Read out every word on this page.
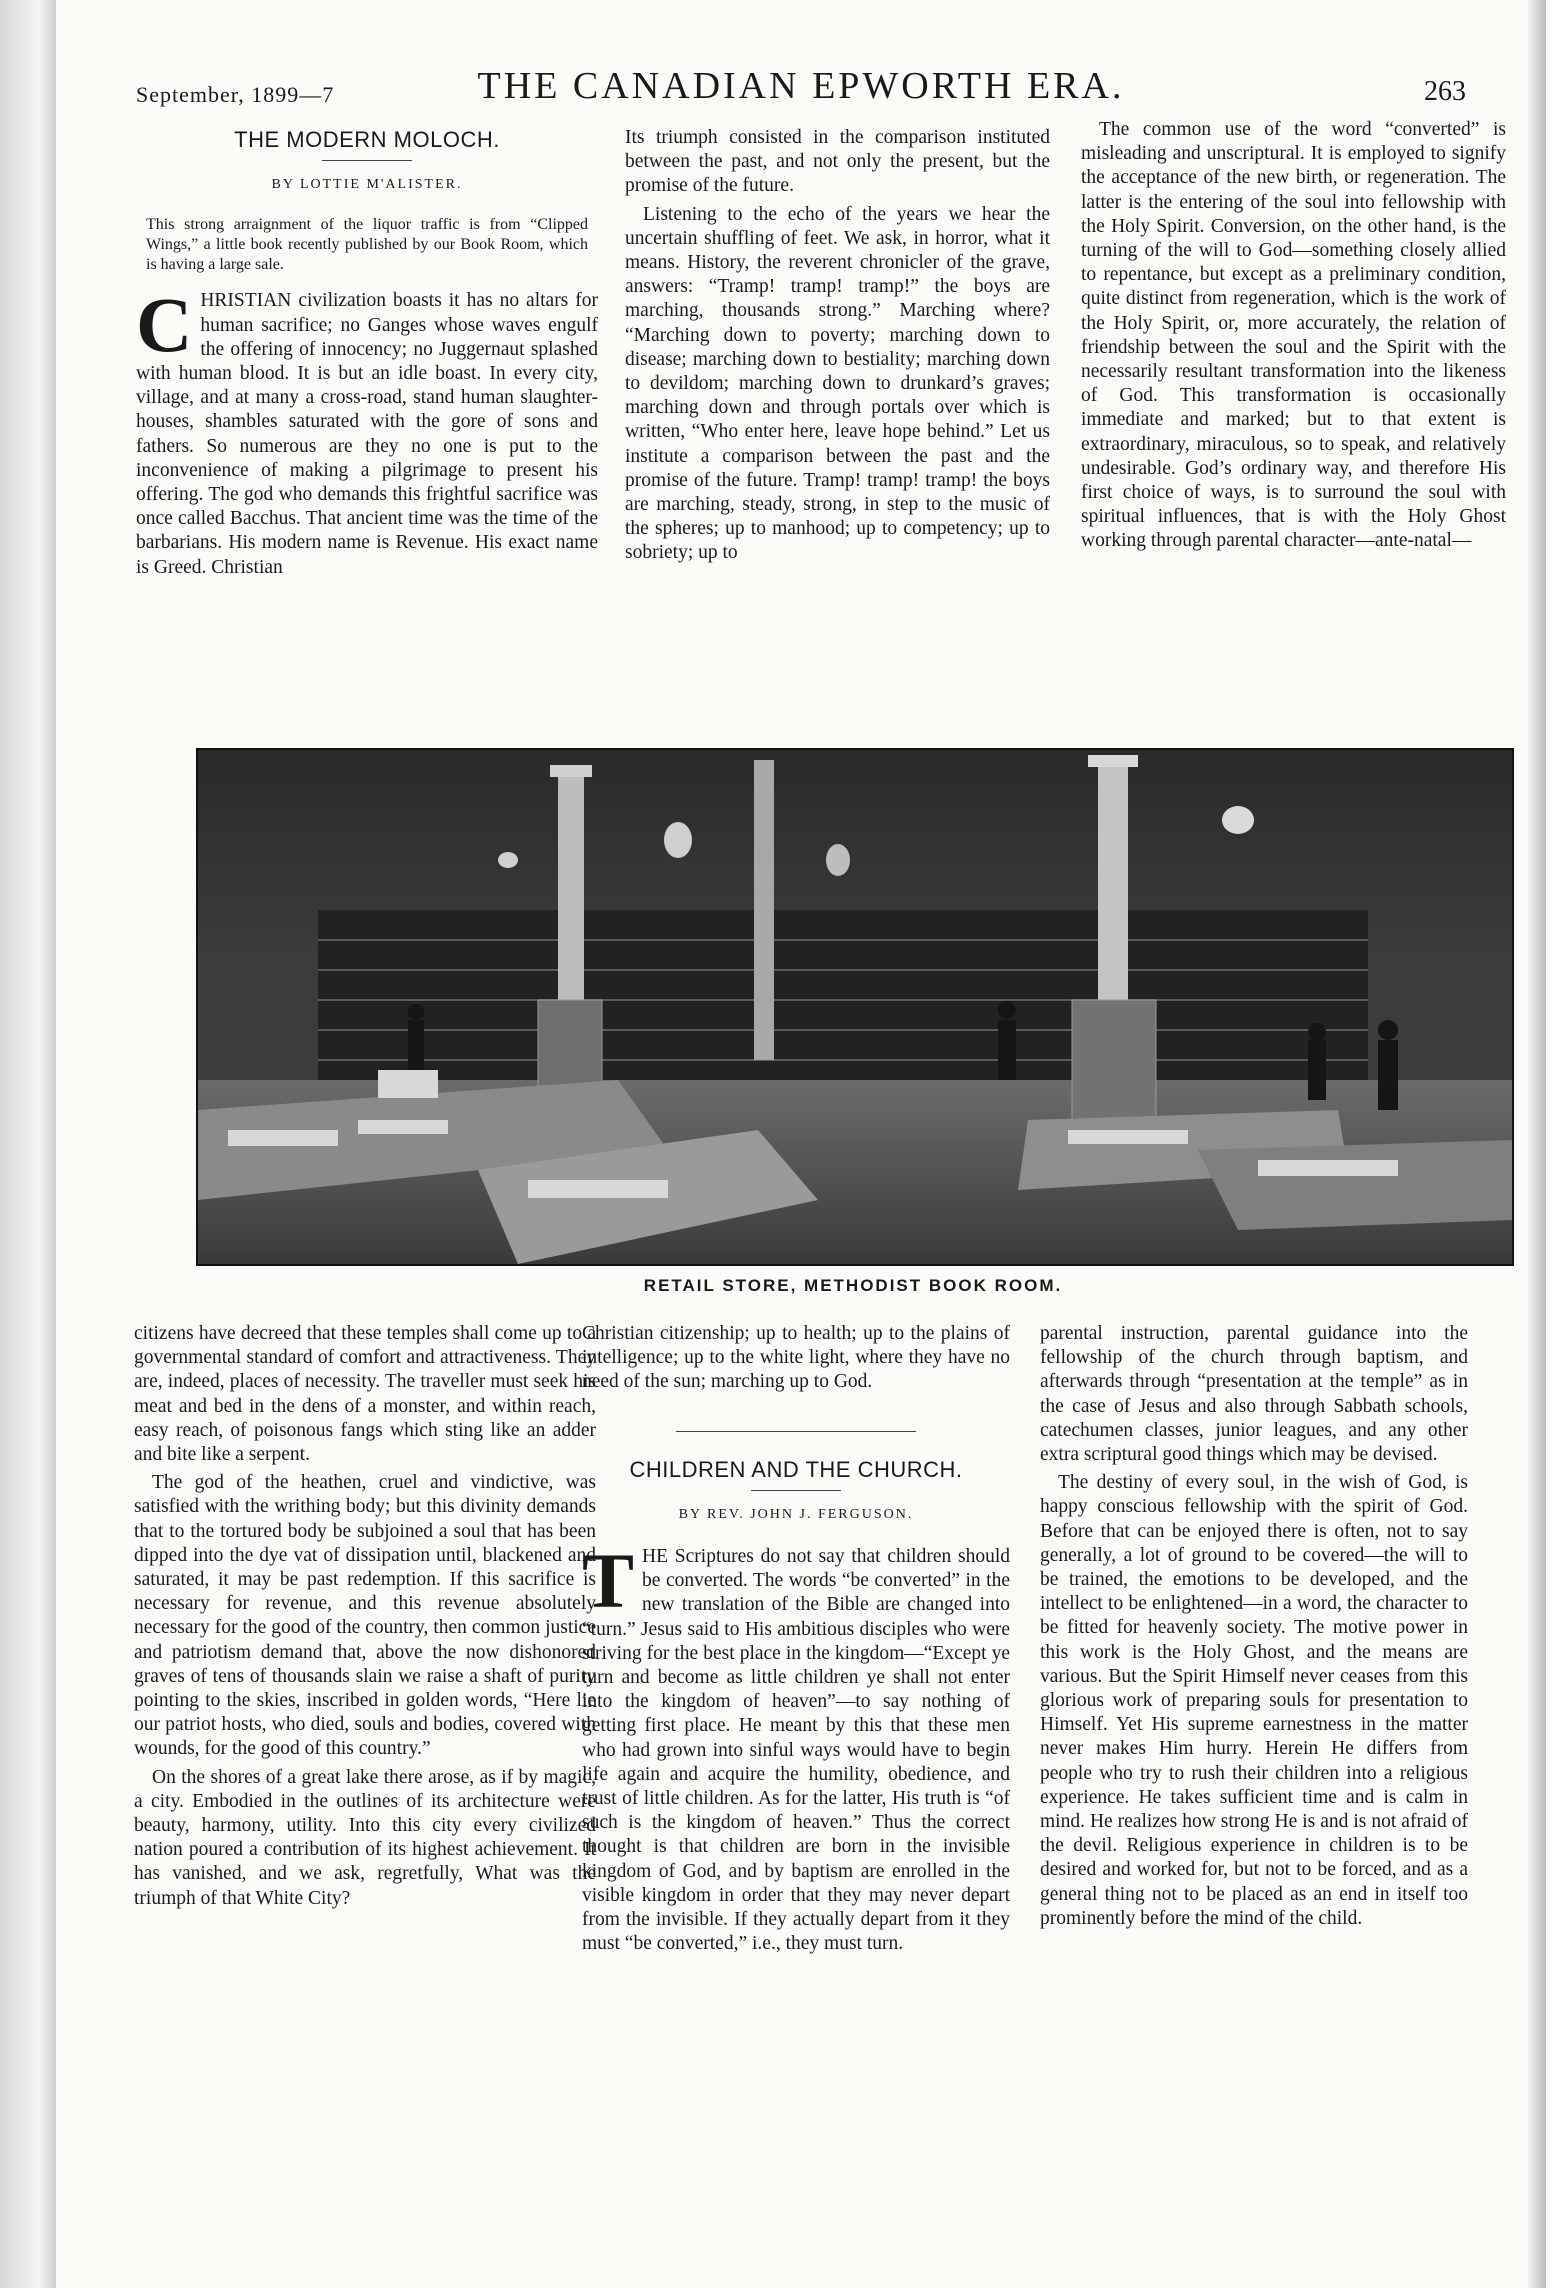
September, 1899—7	THE CANADIAN EPWORTH ERA.	263
THE MODERN MOLOCH.
BY LOTTIE M'ALISTER.
This strong arraignment of the liquor traffic is from “Clipped Wings,” a little book recently published by our Book Room, which is having a large sale.

CHRISTIAN civilization boasts it has no altars for human sacrifice; no Ganges whose waves engulf the offering of innocency; no Juggernaut splashed with human blood. It is but an idle boast. In every city, village, and at many a cross-road, stand human slaughter-houses, shambles saturated with the gore of sons and fathers. So numerous are they no one is put to the inconvenience of making a pilgrimage to present his offering. The god who demands this frightful sacrifice was once called Bacchus. That ancient time was the time of the barbarians. His modern name is Revenue. His exact name is Greed. Christian

Its triumph consisted in the comparison instituted between the past, and not only the present, but the promise of the future.

Listening to the echo of the years we hear the uncertain shuffling of feet. We ask, in horror, what it means. History, the reverent chronicler of the grave, answers: “Tramp! tramp! tramp!” the boys are marching, thousands strong.” Marching where? “Marching down to poverty; marching down to disease; marching down to bestiality; marching down to devildom; marching down to drunkard’s graves; marching down and through portals over which is written, “Who enter here, leave hope behind.” Let us institute a comparison between the past and the promise of the future. Tramp! tramp! tramp! the boys are marching, steady, strong, in step to the music of the spheres; up to manhood; up to competency; up to sobriety; up to

The common use of the word “converted” is misleading and unscriptural. It is employed to signify the acceptance of the new birth, or regeneration. The latter is the entering of the soul into fellowship with the Holy Spirit. Conversion, on the other hand, is the turning of the will to God—something closely allied to repentance, but except as a preliminary condition, quite distinct from regeneration, which is the work of the Holy Spirit, or, more accurately, the relation of friendship between the soul and the Spirit with the necessarily resultant transformation into the likeness of God. This transformation is occasionally immediate and marked; but to that extent is extraordinary, miraculous, so to speak, and relatively undesirable. God’s ordinary way, and therefore His first choice of ways, is to surround the soul with spiritual influences, that is with the Holy Ghost working through parental character—ante-natal—

RETAIL STORE, METHODIST BOOK ROOM.

citizens have decreed that these temples shall come up to a governmental standard of comfort and attractiveness. They are, indeed, places of necessity. The traveller must seek his meat and bed in the dens of a monster, and within reach, easy reach, of poisonous fangs which sting like an adder and bite like a serpent.

The god of the heathen, cruel and vindictive, was satisfied with the writhing body; but this divinity demands that to the tortured body be subjoined a soul that has been dipped into the dye vat of dissipation until, blackened and saturated, it may be past redemption. If this sacrifice is necessary for revenue, and this revenue absolutely necessary for the good of the country, then common justice and patriotism demand that, above the now dishonored graves of tens of thousands slain we raise a shaft of purity pointing to the skies, inscribed in golden words, “Here lie our patriot hosts, who died, souls and bodies, covered with wounds, for the good of this country.”

On the shores of a great lake there arose, as if by magic, a city. Embodied in the outlines of its architecture were beauty, harmony, utility. Into this city every civilized nation poured a contribution of its highest achievement. It has vanished, and we ask, regretfully, What was the triumph of that White City?

Christian citizenship; up to health; up to the plains of intelligence; up to the white light, where they have no need of the sun; marching up to God.

CHILDREN AND THE CHURCH.
BY REV. JOHN J. FERGUSON.

THE Scriptures do not say that children should be converted. The words “be converted” in the new translation of the Bible are changed into “turn.” Jesus said to His ambitious disciples who were striving for the best place in the kingdom—“Except ye turn and become as little children ye shall not enter into the kingdom of heaven”—to say nothing of getting first place. He meant by this that these men who had grown into sinful ways would have to begin life again and acquire the humility, obedience, and trust of little children. As for the latter, His truth is “of such is the kingdom of heaven.” Thus the correct thought is that children are born in the invisible kingdom of God, and by baptism are enrolled in the visible kingdom in order that they may never depart from the invisible. If they actually depart from it they must “be converted,” i.e., they must turn.

parental instruction, parental guidance into the fellowship of the church through baptism, and afterwards through “presentation at the temple” as in the case of Jesus and also through Sabbath schools, catechumen classes, junior leagues, and any other extra scriptural good things which may be devised.

The destiny of every soul, in the wish of God, is happy conscious fellowship with the spirit of God. Before that can be enjoyed there is often, not to say generally, a lot of ground to be covered—the will to be trained, the emotions to be developed, and the intellect to be enlightened—in a word, the character to be fitted for heavenly society. The motive power in this work is the Holy Ghost, and the means are various. But the Spirit Himself never ceases from this glorious work of preparing souls for presentation to Himself. Yet His supreme earnestness in the matter never makes Him hurry. Herein He differs from people who try to rush their children into a religious experience. He takes sufficient time and is calm in mind. He realizes how strong He is and is not afraid of the devil. Religious experience in children is to be desired and worked for, but not to be forced, and as a general thing not to be placed as an end in itself too prominently before the mind of the child.
